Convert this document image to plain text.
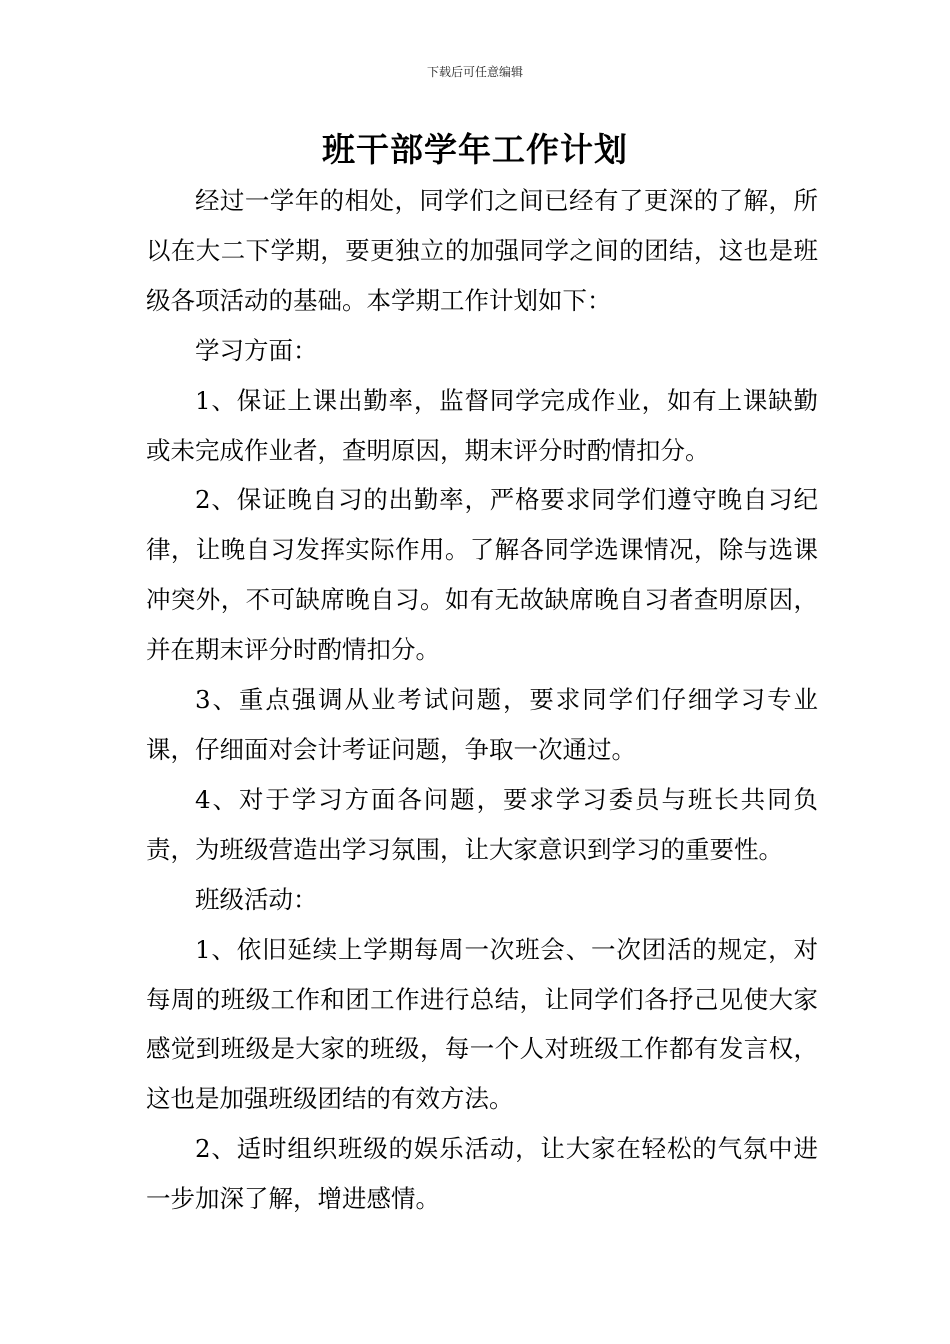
下载后可任意编辑
班干部学年工作计划

经过一学年的相处，同学们之间已经有了更深的了解，所以在大二下学期，要更独立的加强同学之间的团结，这也是班级各项活动的基础。本学期工作计划如下：

学习方面：

1、保证上课出勤率，监督同学完成作业，如有上课缺勤或未完成作业者，查明原因，期末评分时酌情扣分。

2、保证晚自习的出勤率，严格要求同学们遵守晚自习纪律，让晚自习发挥实际作用。了解各同学选课情况，除与选课冲突外，不可缺席晚自习。如有无故缺席晚自习者查明原因，并在期末评分时酌情扣分。

3、重点强调从业考试问题，要求同学们仔细学习专业课，仔细面对会计考证问题，争取一次通过。

4、对于学习方面各问题，要求学习委员与班长共同负责，为班级营造出学习氛围，让大家意识到学习的重要性。

班级活动：

1、依旧延续上学期每周一次班会、一次团活的规定，对每周的班级工作和团工作进行总结，让同学们各抒己见使大家感觉到班级是大家的班级，每一个人对班级工作都有发言权，这也是加强班级团结的有效方法。

2、适时组织班级的娱乐活动，让大家在轻松的气氛中进一步加深了解，增进感情。
